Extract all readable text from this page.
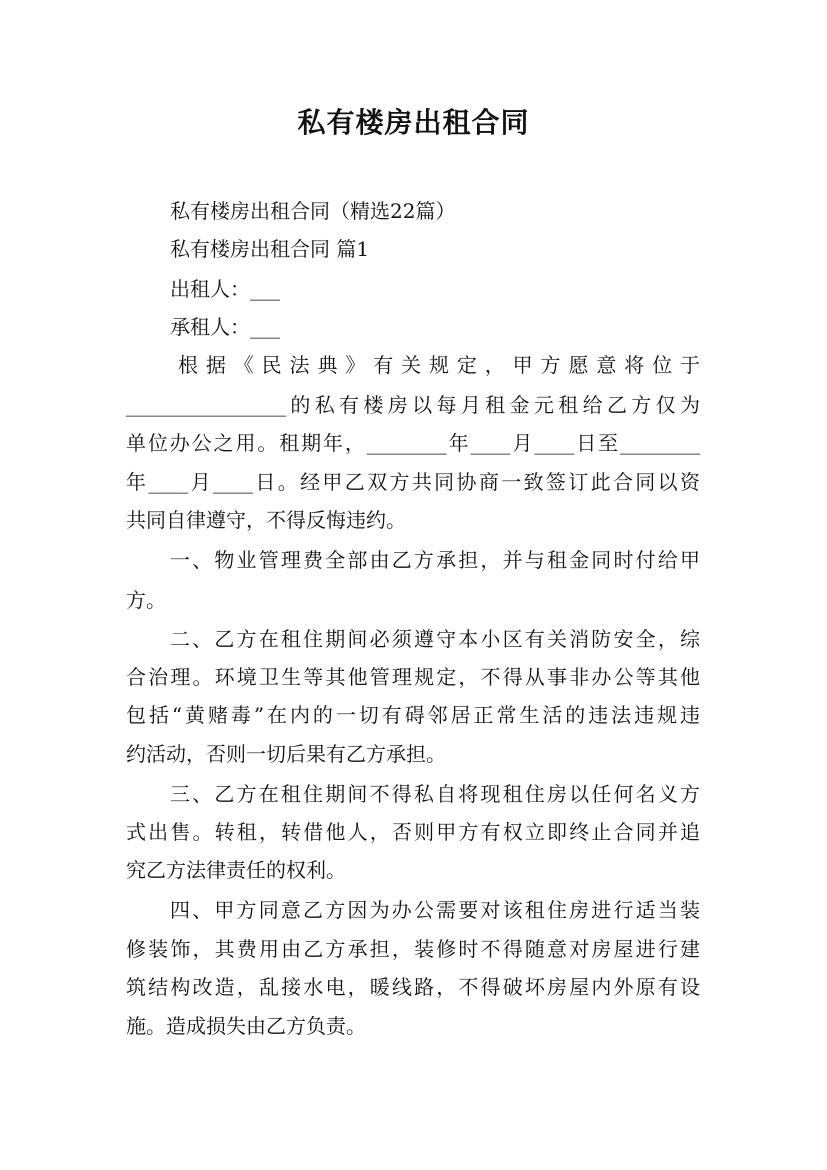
私有楼房出租合同
私有楼房出租合同（精选22篇）
私有楼房出租合同 篇1
出租人：___
承租人：___
根据《民法典》有关规定，甲方愿意将位于
________________的私有楼房以每月租金元租给乙方仅为
单位办公之用。租期年，________年____月____日至________
年____月____日。经甲乙双方共同协商一致签订此合同以资
共同自律遵守，不得反悔违约。
一、物业管理费全部由乙方承担，并与租金同时付给甲
方。
二、乙方在租住期间必须遵守本小区有关消防安全，综
合治理。环境卫生等其他管理规定，不得从事非办公等其他
包括“黄赌毒”在内的一切有碍邻居正常生活的违法违规违
约活动，否则一切后果有乙方承担。
三、乙方在租住期间不得私自将现租住房以任何名义方
式出售。转租，转借他人，否则甲方有权立即终止合同并追
究乙方法律责任的权利。
四、甲方同意乙方因为办公需要对该租住房进行适当装
修装饰，其费用由乙方承担，装修时不得随意对房屋进行建
筑结构改造，乱接水电，暖线路，不得破坏房屋内外原有设
施。造成损失由乙方负责。
